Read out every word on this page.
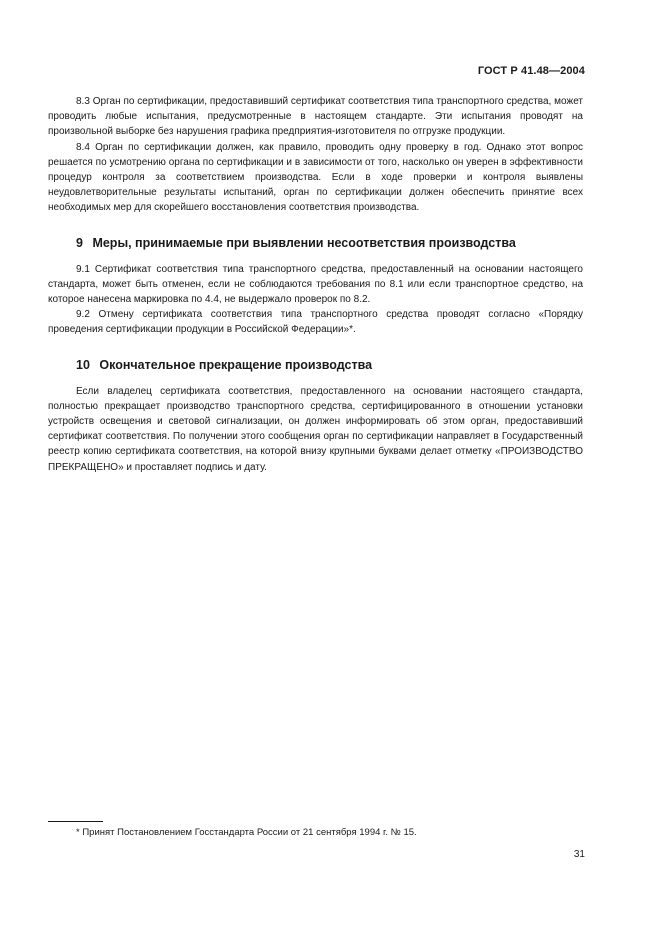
ГОСТ Р 41.48—2004

8.3 Орган по сертификации, предоставивший сертификат соответствия типа транспортного средства, может проводить любые испытания, предусмотренные в настоящем стандарте. Эти испытания проводят на произвольной выборке без нарушения графика предприятия-изготовителя по отгрузке продукции.

8.4 Орган по сертификации должен, как правило, проводить одну проверку в год. Однако этот вопрос решается по усмотрению органа по сертификации и в зависимости от того, насколько он уверен в эффективности процедур контроля за соответствием производства. Если в ходе проверки и контроля выявлены неудовлетворительные результаты испытаний, орган по сертификации должен обеспечить принятие всех необходимых мер для скорейшего восстановления соответствия производства.

9 Меры, принимаемые при выявлении несоответствия производства

9.1 Сертификат соответствия типа транспортного средства, предоставленный на основании настоящего стандарта, может быть отменен, если не соблюдаются требования по 8.1 или если транспортное средство, на которое нанесена маркировка по 4.4, не выдержало проверок по 8.2.

9.2 Отмену сертификата соответствия типа транспортного средства проводят согласно «Порядку проведения сертификации продукции в Российской Федерации»*.

10 Окончательное прекращение производства

Если владелец сертификата соответствия, предоставленного на основании настоящего стандарта, полностью прекращает производство транспортного средства, сертифицированного в отношении установки устройств освещения и световой сигнализации, он должен информировать об этом орган, предоставивший сертификат соответствия. По получении этого сообщения орган по сертификации направляет в Государственный реестр копию сертификата соответствия, на которой внизу крупными буквами делает отметку «ПРОИЗВОДСТВО ПРЕКРАЩЕНО» и проставляет подпись и дату.

* Принят Постановлением Госстандарта России от 21 сентября 1994 г. № 15.
31
